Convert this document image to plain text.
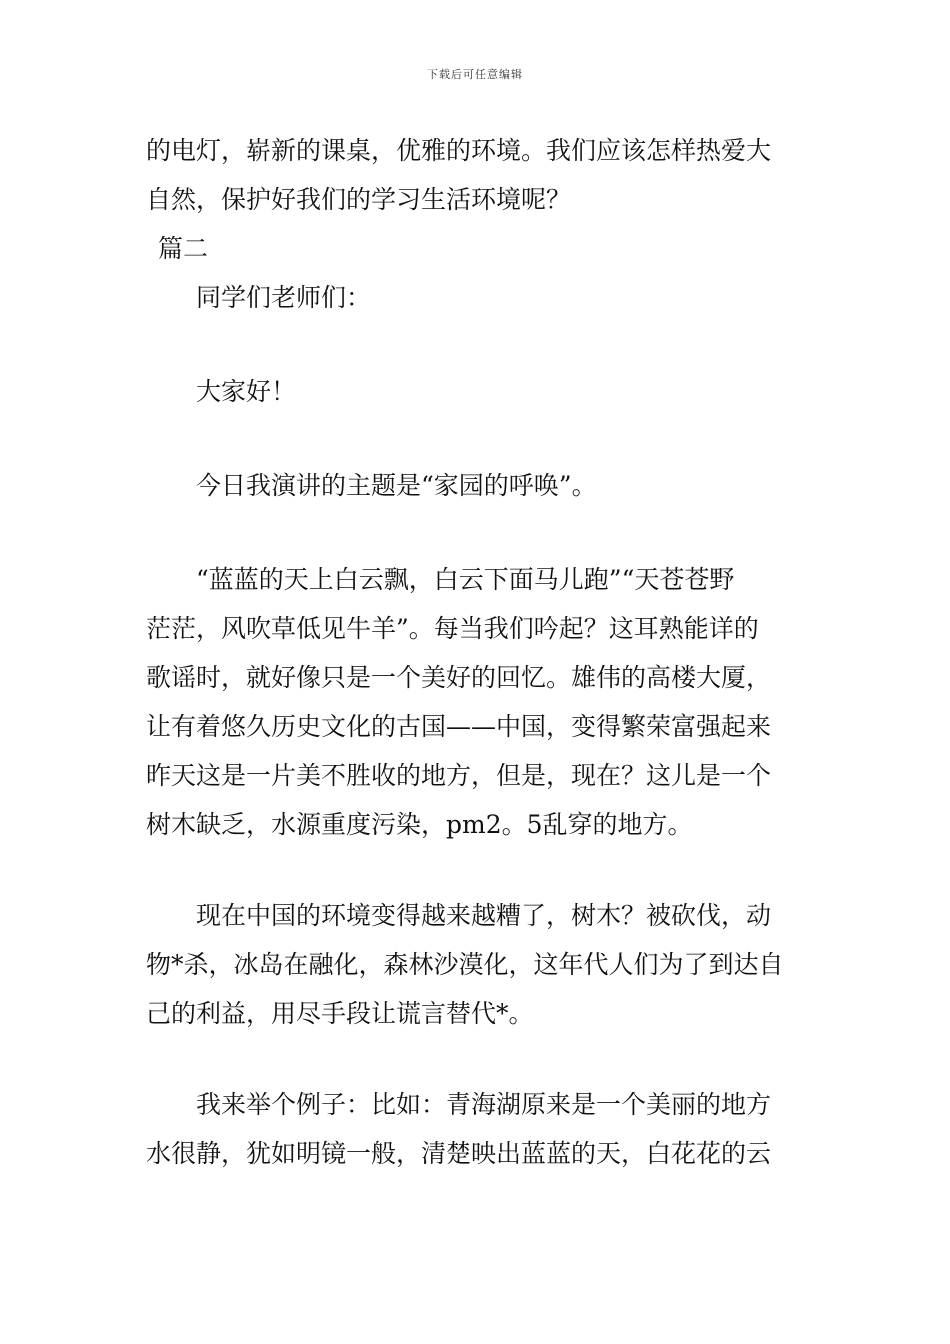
下载后可任意编辑
的电灯，崭新的课桌，优雅的环境。我们应该怎样热爱大
自然，保护好我们的学习生活环境呢？
篇二
同学们老师们：
大家好！
今日我演讲的主题是“家园的呼唤”。
“蓝蓝的天上白云飘，白云下面马儿跑”“天苍苍野
茫茫，风吹草低见牛羊”。每当我们吟起？这耳熟能详的
歌谣时，就好像只是一个美好的回忆。雄伟的高楼大厦，
让有着悠久历史文化的古国——中国，变得繁荣富强起来
昨天这是一片美不胜收的地方，但是，现在？这儿是一个
树木缺乏，水源重度污染，pm2。5乱穿的地方。
现在中国的环境变得越来越糟了，树木？被砍伐，动
物*杀，冰岛在融化，森林沙漠化，这年代人们为了到达自
己的利益，用尽手段让谎言替代*。
我来举个例子：比如：青海湖原来是一个美丽的地方
水很静，犹如明镜一般，清楚映出蓝蓝的天，白花花的云
